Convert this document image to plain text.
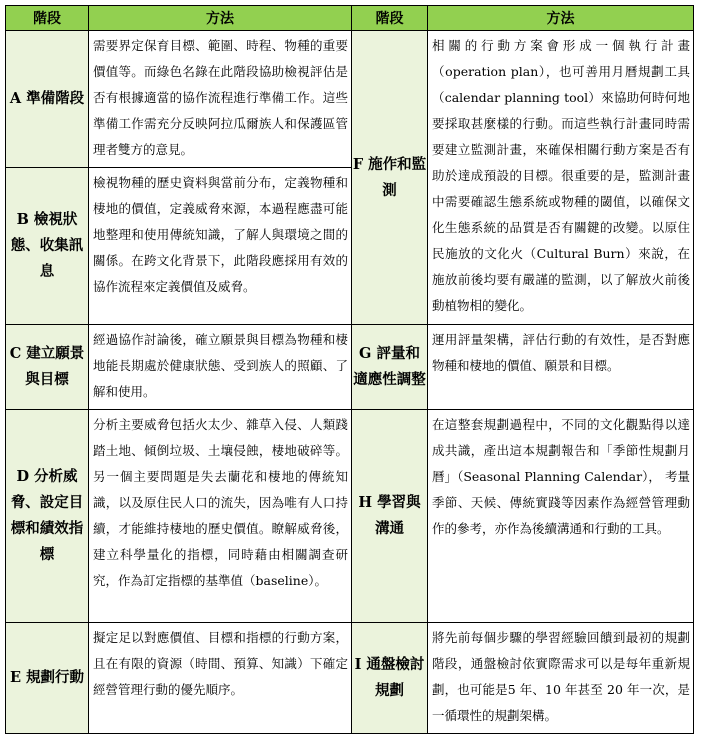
階段	方法	階段	方法
A 準備階段	需要界定保育目標、範圍、時程、物種的重要價值等。而綠色名錄在此階段協助檢視評估是否有根據適當的協作流程進行準備工作。這些準備工作需充分反映阿拉瓜爾族人和保護區管理者雙方的意見。	F 施作和監測	相關的行動方案會形成一個執行計畫（operation plan），也可善用月曆規劃工具（calendar planning tool）來協助何時何地要採取甚麼樣的行動。而這些執行計畫同時需要建立監測計畫，來確保相關行動方案是否有助於達成預設的目標。很重要的是，監測計畫中需要確認生態系統或物種的閾值，以確保文化生態系統的品質是否有關鍵的改變。以原住民施放的文化火（Cultural Burn）來說，在施放前後均要有嚴謹的監測，以了解放火前後動植物相的變化。
B 檢視狀態、收集訊息	檢視物種的歷史資料與當前分布，定義物種和棲地的價值，定義威脅來源，本過程應盡可能地整理和使用傳統知識，了解人與環境之間的關係。在跨文化背景下，此階段應採用有效的協作流程來定義價值及威脅。		
C 建立願景與目標	經過協作討論後，確立願景與目標為物種和棲地能長期處於健康狀態、受到族人的照顧、了解和使用。	G 評量和適應性調整	運用評量架構，評估行動的有效性，是否對應物種和棲地的價值、願景和目標。
D 分析威脅、設定目標和績效指標	分析主要威脅包括火太少、雜草入侵、人類踐踏土地、傾倒垃圾、土壤侵蝕，棲地破碎等。 另一個主要問題是失去蘭花和棲地的傳統知識，以及原住民人口的流失，因為唯有人口持續，才能維持棲地的歷史價值。瞭解威脅後， 建立科學量化的指標，同時藉由相關調查研究，作為訂定指標的基準值（baseline）。	H 學習與溝通	在這整套規劃過程中，不同的文化觀點得以達成共識，產出這本規劃報告和「季節性規劃月曆」（Seasonal Planning Calendar）， 考量季節、天候、傳統實踐等因素作為經營管理動作的參考，亦作為後續溝通和行動的工具。
E 規劃行動	擬定足以對應價值、目標和指標的行動方案， 且在有限的資源（時間、預算、知識）下確定經營管理行動的優先順序。	I 通盤檢討規劃	將先前每個步驟的學習經驗回饋到最初的規劃階段，通盤檢討依實際需求可以是每年重新規劃，也可能是5 年、10 年甚至 20 年一次，是一循環性的規劃架構。
